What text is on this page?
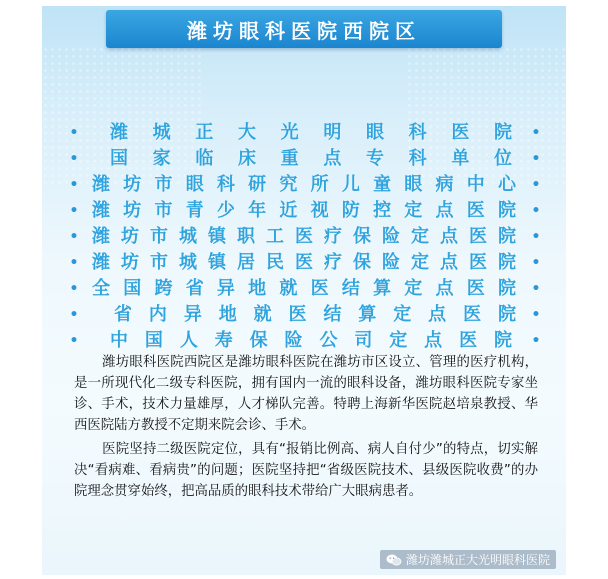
潍坊眼科医院西院区
• 潍城正大光明眼科医院 •
• 国家临床重点专科单位 •
• 潍坊市眼科研究所儿童眼病中心 •
• 潍坊市青少年近视防控定点医院 •
• 潍坊市城镇职工医疗保险定点医院 •
• 潍坊市城镇居民医疗保险定点医院 •
• 全国跨省异地就医结算定点医院 •
• 省内异地就医结算定点医院 •
• 中国人寿保险公司定点医院 •

潍坊眼科医院西院区是潍坊眼科医院在潍坊市区设立、管理的医疗机构，是一所现代化二级专科医院，拥有国内一流的眼科设备，潍坊眼科医院专家坐诊、手术，技术力量雄厚，人才梯队完善。特聘上海新华医院赵培泉教授、华西医院陆方教授不定期来院会诊、手术。

医院坚持二级医院定位，具有“报销比例高、病人自付少”的特点，切实解决“看病难、看病贵”的问题；医院坚持把“省级医院技术、县级医院收费”的办院理念贯穿始终，把高品质的眼科技术带给广大眼病患者。

潍坊潍城正大光明眼科医院
